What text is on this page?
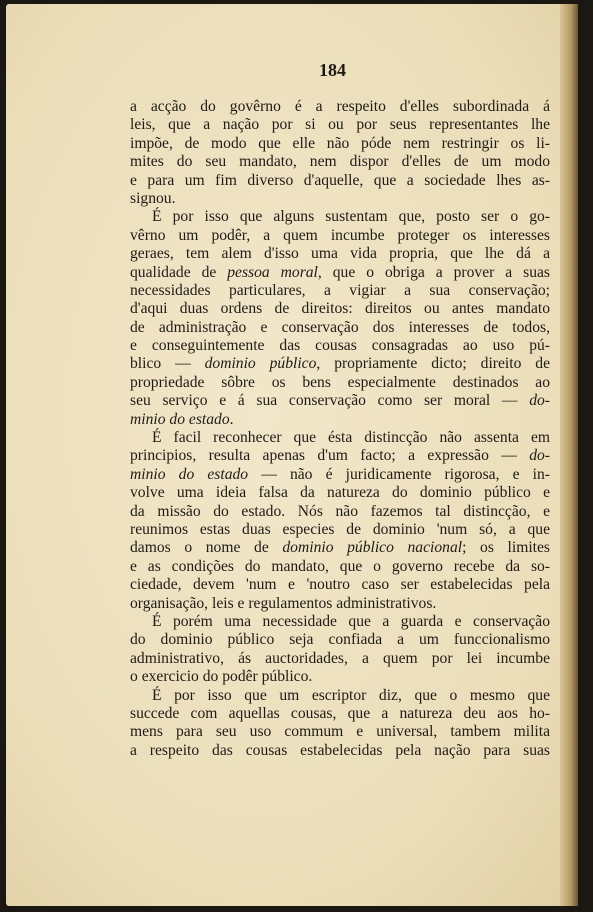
184
a acção do govêrno é a respeito d'elles subordinada á
leis, que a nação por si ou por seus representantes lhe
impõe, de modo que elle não póde nem restringir os li-
mites do seu mandato, nem dispor d'elles de um modo
e para um fim diverso d'aquelle, que a sociedade lhes as-
signou.
É por isso que alguns sustentam que, posto ser o go-
vêrno um podêr, a quem incumbe proteger os interesses
geraes, tem alem d'isso uma vida propria, que lhe dá a
qualidade de pessoa moral, que o obriga a prover a suas
necessidades particulares, a vigiar a sua conservação;
d'aqui duas ordens de direitos: direitos ou antes mandato
de administração e conservação dos interesses de todos,
e conseguintemente das cousas consagradas ao uso pú-
blico — dominio público, propriamente dicto; direito de
propriedade sôbre os bens especialmente destinados ao
seu serviço e á sua conservação como ser moral — do-
minio do estado.
É facil reconhecer que ésta distincção não assenta em
principios, resulta apenas d'um facto; a expressão — do-
minio do estado — não é juridicamente rigorosa, e in-
volve uma ideia falsa da natureza do dominio público e
da missão do estado. Nós não fazemos tal distincção, e
reunimos estas duas especies de dominio 'num só, a que
damos o nome de dominio público nacional; os limites
e as condições do mandato, que o governo recebe da so-
ciedade, devem 'num e 'noutro caso ser estabelecidas pela
organisação, leis e regulamentos administrativos.
É porém uma necessidade que a guarda e conservação
do dominio público seja confiada a um funccionalismo
administrativo, ás auctoridades, a quem por lei incumbe
o exercicio do podêr público.
É por isso que um escriptor diz, que o mesmo que
succede com aquellas cousas, que a natureza deu aos ho-
mens para seu uso commum e universal, tambem milita
a respeito das cousas estabelecidas pela nação para suas
